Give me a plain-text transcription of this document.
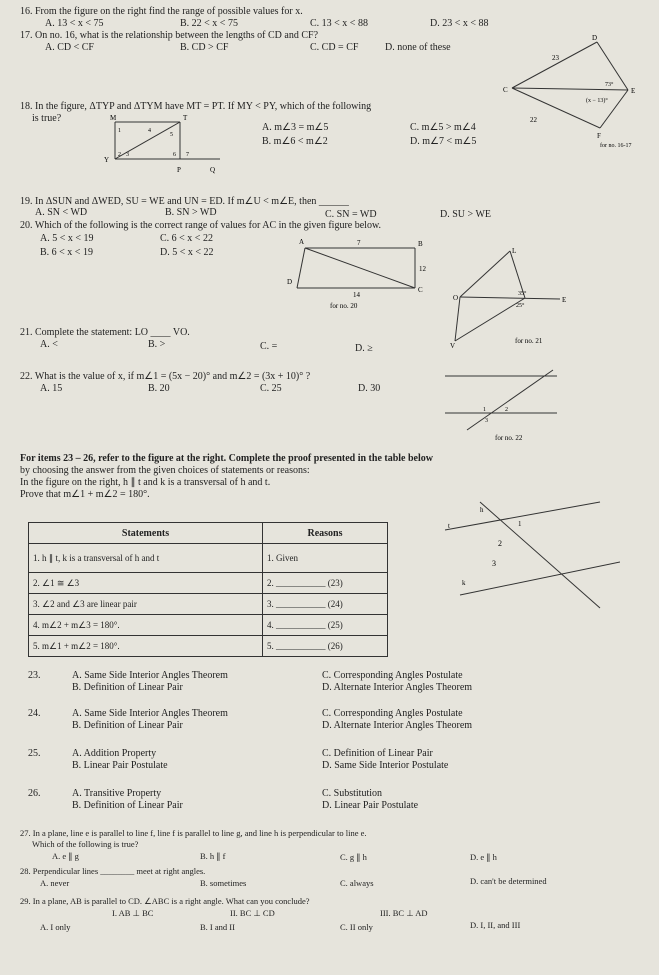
16. From the figure on the right find the range of possible values for x.
A. 13 < x < 75	B. 22 < x < 75	C. 13 < x < 88	D. 23 < x < 88
17. On no. 16, what is the relationship between the lengths of CD and CF?
A. CD < CF	B. CD > CF	C. CD = CF	D. none of these
D
C	E
F
23
22
73°
(x − 13)°
for no. 16-17
18. In the figure, ΔTYP and ΔTYM have MT = PT. If MY < PY, which of the following
is true?	M	T
Y
P	Q
1
2 3
4
5
6 7
A. m∠3 = m∠5
B. m∠6 < m∠2
C. m∠5 > m∠4
D. m∠7 < m∠5
19. In ΔSUN and ΔWED, SU = WE and UN = ED. If m∠U < m∠E, then ______
A. SN < WD	B. SN > WD	C. SN = WD	D. SU > WE
20. Which of the following is the correct range of values for AC in the given figure below.
A. 5 < x < 19
B. 6 < x < 19
C. 6 < x < 22
D. 5 < x < 22
A	B
C
D
7
12
14
for no. 20
L
O	E
V
35°
25°
for no. 21
21. Complete the statement: LO ____ VO.
A. <	B. >	C. =	D. ≥
22. What is the value of x, if m∠1 = (5x − 20)° and m∠2 = (3x + 10)° ?
A. 15	B. 20	C. 25	D. 30
1	2
3
for no. 22
For items 23 – 26, refer to the figure at the right. Complete the proof presented in the table below
by choosing the answer from the given choices of statements or reasons:
In the figure on the right, h ∥ t and k is a transversal of h and t.
Prove that m∠1 + m∠2 = 180°.
Statements	Reasons
1. h ∥ t, k is a transversal of h and t	1. Given
2. ∠1 ≅ ∠3	2. ___________ (23)
3. ∠2 and ∠3 are linear pair	3. ___________ (24)
4. m∠2 + m∠3 = 180°.	4. ___________ (25)
5. m∠1 + m∠2 = 180°.	5. ___________ (26)
t
h
k
1
2
3
23.	A. Same Side Interior Angles Theorem
B. Definition of Linear Pair
C. Corresponding Angles Postulate
D. Alternate Interior Angles Theorem
24.	A. Same Side Interior Angles Theorem
B. Definition of Linear Pair
C. Corresponding Angles Postulate
D. Alternate Interior Angles Theorem
25.	A. Addition Property
B. Linear Pair Postulate
C. Definition of Linear Pair
D. Same Side Interior Postulate
26.	A. Transitive Property
B. Definition of Linear Pair
C. Substitution
D. Linear Pair Postulate
27. In a plane, line e is parallel to line f, line f is parallel to line g, and line h is perpendicular to line e.
Which of the following is true?
A. e ∥ g	B. h ∥ f	C. g ∥ h	D. e ∥ h
28. Perpendicular lines ________ meet at right angles.
A. never	B. sometimes	C. always	D. can't be determined
29. In a plane, AB is parallel to CD. ∠ABC is a right angle. What can you conclude?
I. AB ⊥ BC	II. BC ⊥ CD	III. BC ⊥ AD
A. I only	B. I and II	C. II only	D. I, II, and III
